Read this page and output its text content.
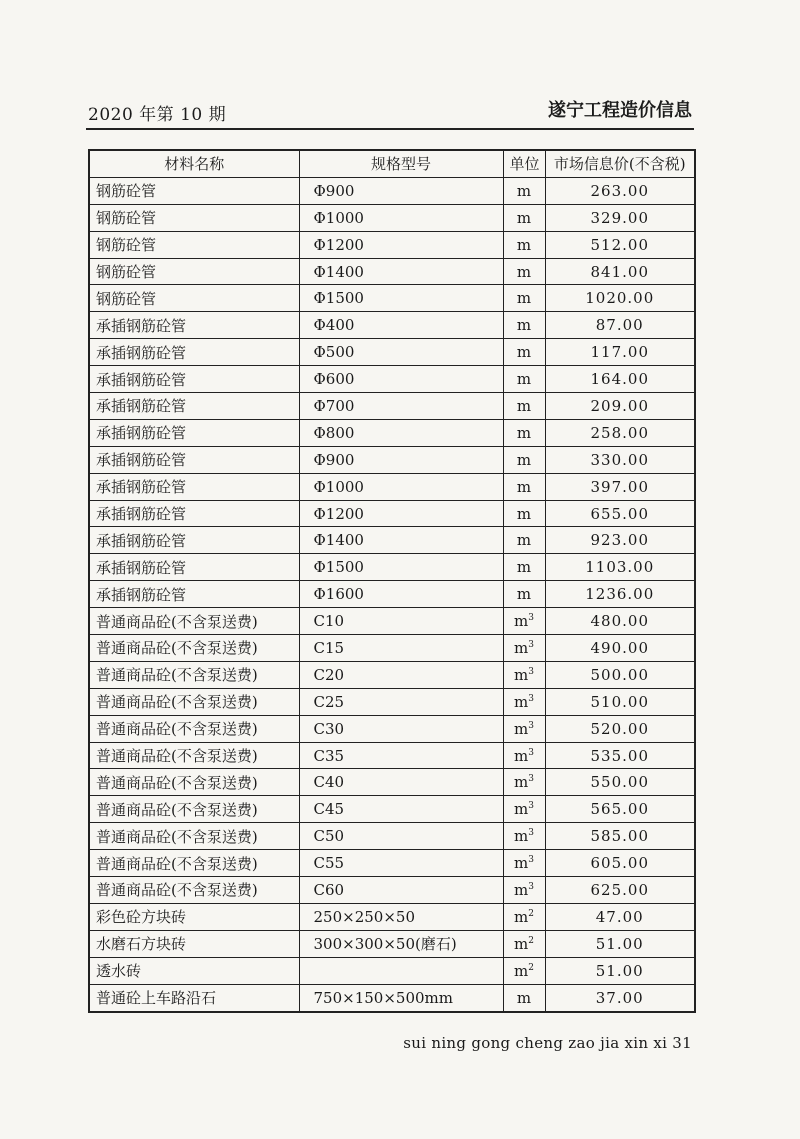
2020 年第 10 期	遂宁工程造价信息
材料名称	规格型号	单位	市场信息价(不含税)
钢筋砼管	Φ900	m	263.00
钢筋砼管	Φ1000	m	329.00
钢筋砼管	Φ1200	m	512.00
钢筋砼管	Φ1400	m	841.00
钢筋砼管	Φ1500	m	1020.00
承插钢筋砼管	Φ400	m	87.00
承插钢筋砼管	Φ500	m	117.00
承插钢筋砼管	Φ600	m	164.00
承插钢筋砼管	Φ700	m	209.00
承插钢筋砼管	Φ800	m	258.00
承插钢筋砼管	Φ900	m	330.00
承插钢筋砼管	Φ1000	m	397.00
承插钢筋砼管	Φ1200	m	655.00
承插钢筋砼管	Φ1400	m	923.00
承插钢筋砼管	Φ1500	m	1103.00
承插钢筋砼管	Φ1600	m	1236.00
普通商品砼(不含泵送费)	C10	$m^3$	480.00
普通商品砼(不含泵送费)	C15	$m^3$	490.00
普通商品砼(不含泵送费)	C20	$m^3$	500.00
普通商品砼(不含泵送费)	C25	$m^3$	510.00
普通商品砼(不含泵送费)	C30	$m^3$	520.00
普通商品砼(不含泵送费)	C35	$m^3$	535.00
普通商品砼(不含泵送费)	C40	$m^3$	550.00
普通商品砼(不含泵送费)	C45	$m^3$	565.00
普通商品砼(不含泵送费)	C50	$m^3$	585.00
普通商品砼(不含泵送费)	C55	$m^3$	605.00
普通商品砼(不含泵送费)	C60	$m^3$	625.00
彩色砼方块砖	250×250×50	$m^2$	47.00
水磨石方块砖	300×300×50(磨石)	$m^2$	51.00
透水砖		$m^2$	51.00
普通砼上车路沿石	750×150×500mm	m	37.00
sui ning gong cheng zao jia xin xi 31
